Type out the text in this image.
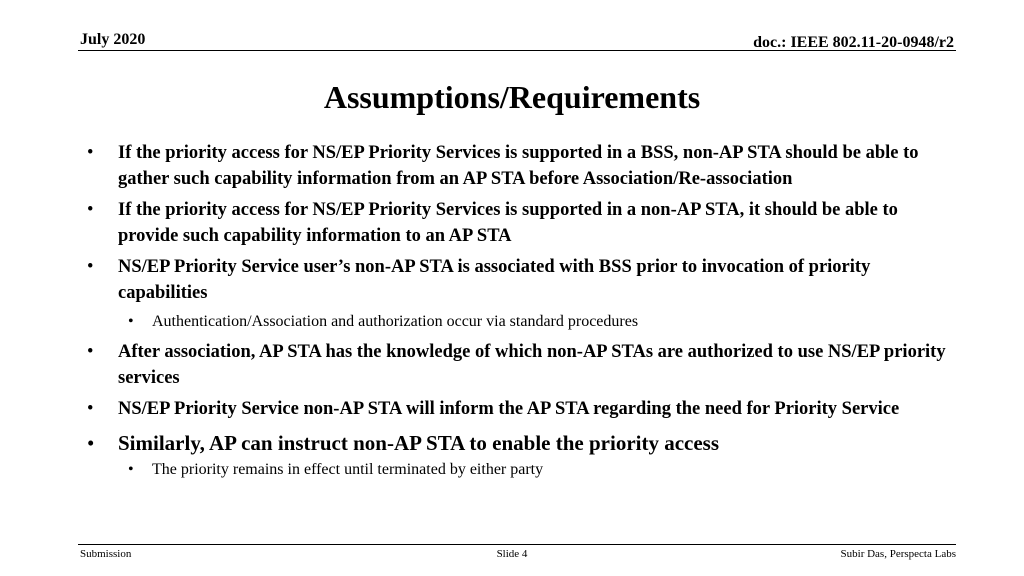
July 2020	doc.: IEEE 802.11-20-0948/r2
Assumptions/Requirements
• If the priority access for NS/EP Priority Services is supported in a BSS, non-AP STA should be able to gather such capability information from an AP STA before Association/Re-association
• If the priority access for NS/EP Priority Services is supported in a non-AP STA, it should be able to provide such capability information to an AP STA
• NS/EP Priority Service user’s non-AP STA is associated with BSS prior to invocation of priority capabilities
• Authentication/Association and authorization occur via standard procedures
• After association, AP STA has the knowledge of which non-AP STAs are authorized to use NS/EP priority services
• NS/EP Priority Service non-AP STA will inform the AP STA regarding the need for Priority Service
• Similarly, AP can instruct non-AP STA to enable the priority access
• The priority remains in effect until terminated by either party
Submission	Slide 4	Subir Das, Perspecta Labs
